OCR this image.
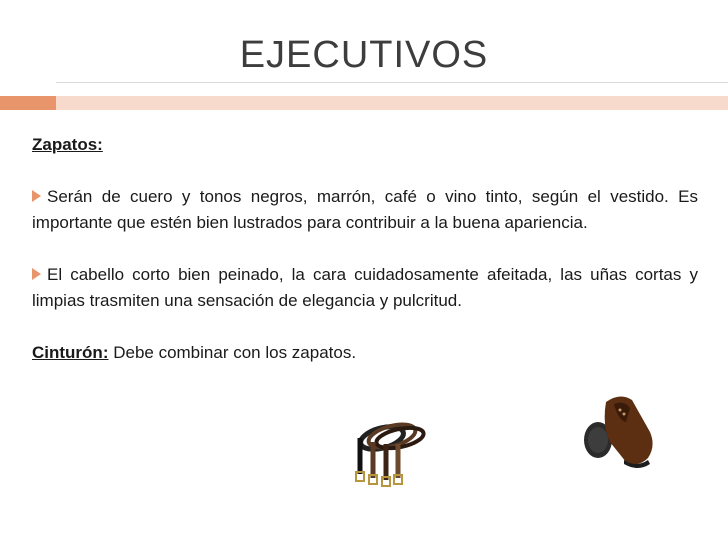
EJECUTIVOS
Zapatos:

Serán de cuero y tonos negros, marrón, café o vino tinto, según el vestido. Es importante que estén bien lustrados para contribuir a la buena apariencia.

El cabello corto bien peinado, la cara cuidadosamente afeitada, las uñas cortas y limpias trasmiten una sensación de elegancia y pulcritud.

Cinturón: Debe combinar con los zapatos.
